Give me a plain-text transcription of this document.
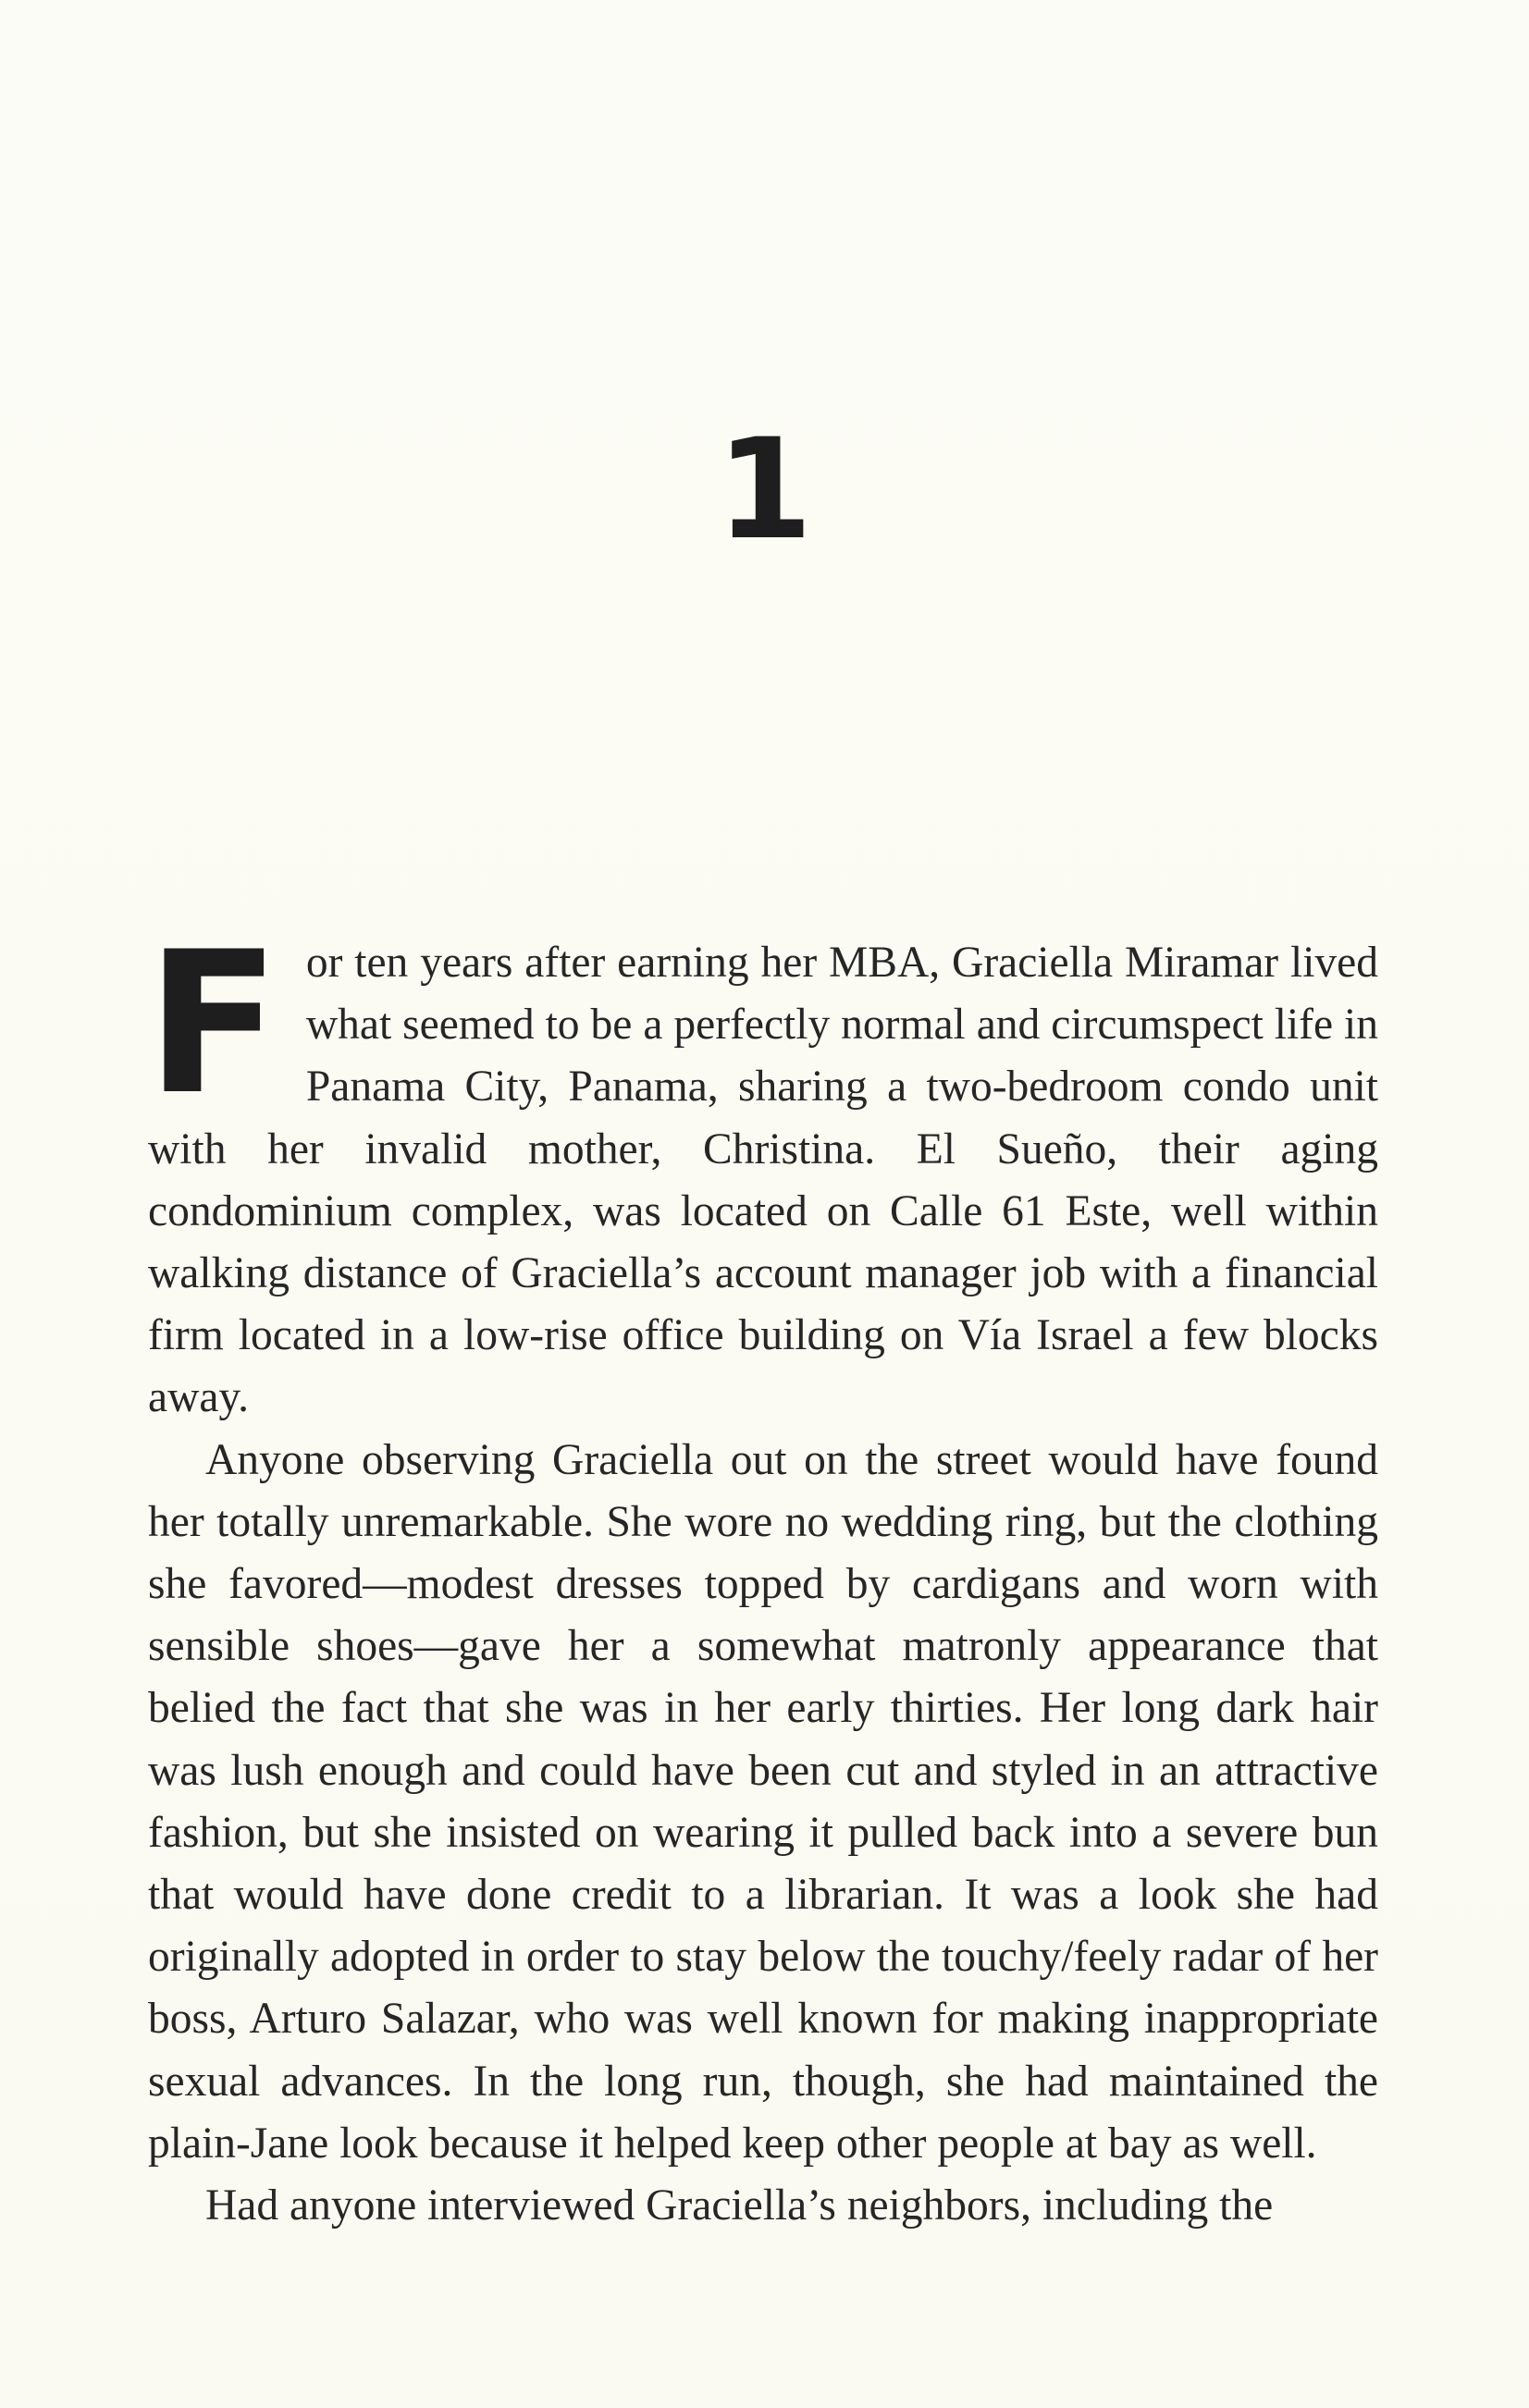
1

For ten years after earning her MBA, Graciella Miramar lived what seemed to be a perfectly normal and circumspect life in Panama City, Panama, sharing a two-bedroom condo unit with her invalid mother, Christina. El Sueño, their aging condominium complex, was located on Calle 61 Este, well within walking distance of Graciella’s account manager job with a financial firm located in a low-rise office building on Vía Israel a few blocks away.

Anyone observing Graciella out on the street would have found her totally unremarkable. She wore no wedding ring, but the clothing she favored—modest dresses topped by cardigans and worn with sensible shoes—gave her a somewhat matronly appearance that belied the fact that she was in her early thirties. Her long dark hair was lush enough and could have been cut and styled in an attractive fashion, but she insisted on wearing it pulled back into a severe bun that would have done credit to a librarian. It was a look she had originally adopted in order to stay below the touchy/feely radar of her boss, Arturo Salazar, who was well known for making inappropriate sexual advances. In the long run, though, she had maintained the plain-Jane look because it helped keep other people at bay as well.

Had anyone interviewed Graciella’s neighbors, including the
